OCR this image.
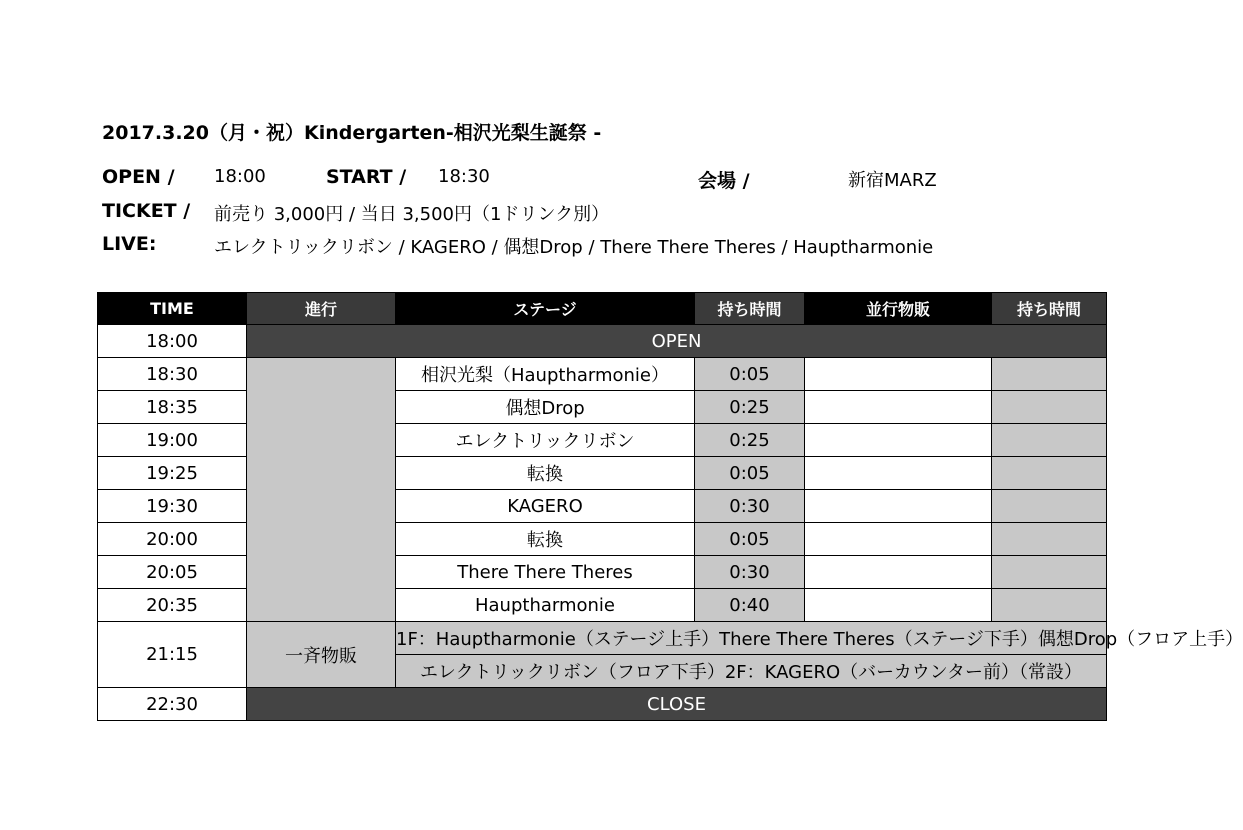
2017.3.20（月・祝）Kindergarten-相沢光梨生誕祭 -
OPEN / 18:00	START / 18:30	会場 /	新宿MARZ
TICKET / 前売り 3,000円 / 当日 3,500円（1ドリンク別）
LIVE:	エレクトリックリボン / KAGERO / 偶想Drop / There There Theres / Hauptharmonie
TIME	進行	ステージ	持ち時間	並行物販	持ち時間
18:00	OPEN				
18:30		相沢光梨（Hauptharmonie）	0:05		
18:35		偶想Drop	0:25		
19:00		エレクトリックリボン	0:25		
19:25		転換	0:05		
19:30		KAGERO	0:30		
20:00		転換	0:05		
20:05		There There Theres	0:30		
20:35		Hauptharmonie	0:40		
21:15	一斉物販	1F：Hauptharmonie（ステージ上手）There There Theres（ステージ下手）偶想Drop（フロア上手）			
		エレクトリックリボン（フロア下手）2F：KAGERO（バーカウンター前）（常設）			
22:30	CLOSE				
